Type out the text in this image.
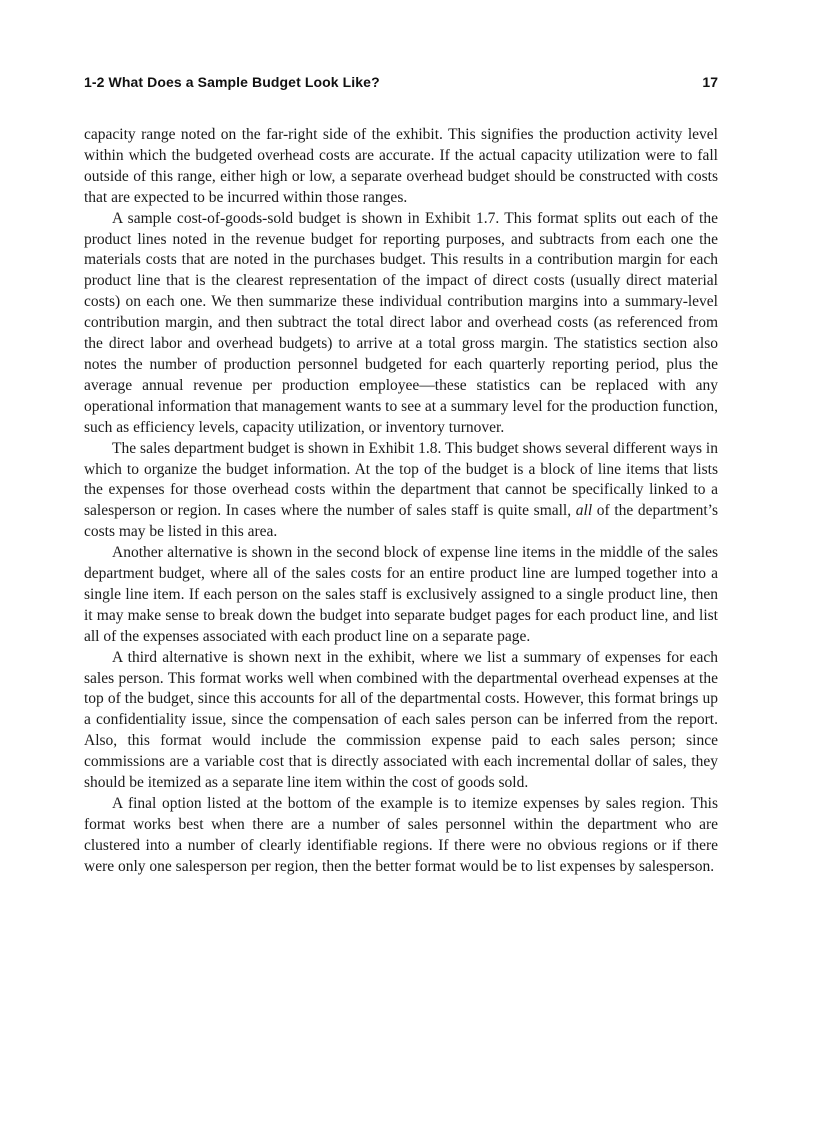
1-2 What Does a Sample Budget Look Like?	17

capacity range noted on the far-right side of the exhibit. This signifies the production activity level within which the budgeted overhead costs are accurate. If the actual capacity utilization were to fall outside of this range, either high or low, a separate overhead budget should be constructed with costs that are expected to be incurred within those ranges.

A sample cost-of-goods-sold budget is shown in Exhibit 1.7. This format splits out each of the product lines noted in the revenue budget for reporting purposes, and subtracts from each one the materials costs that are noted in the purchases budget. This results in a contribution margin for each product line that is the clearest representation of the impact of direct costs (usually direct material costs) on each one. We then summarize these individual contribution margins into a summary-level contribution margin, and then subtract the total direct labor and overhead costs (as referenced from the direct labor and overhead budgets) to arrive at a total gross margin. The statistics section also notes the number of production personnel budgeted for each quarterly reporting period, plus the average annual revenue per production employee—these statistics can be replaced with any operational information that management wants to see at a summary level for the production function, such as efficiency levels, capacity utilization, or inventory turnover.

The sales department budget is shown in Exhibit 1.8. This budget shows several different ways in which to organize the budget information. At the top of the budget is a block of line items that lists the expenses for those overhead costs within the department that cannot be specifically linked to a salesperson or region. In cases where the number of sales staff is quite small, all of the department’s costs may be listed in this area.

Another alternative is shown in the second block of expense line items in the middle of the sales department budget, where all of the sales costs for an entire product line are lumped together into a single line item. If each person on the sales staff is exclusively assigned to a single product line, then it may make sense to break down the budget into separate budget pages for each product line, and list all of the expenses associated with each product line on a separate page.

A third alternative is shown next in the exhibit, where we list a summary of expenses for each sales person. This format works well when combined with the departmental overhead expenses at the top of the budget, since this accounts for all of the departmental costs. However, this format brings up a confidentiality issue, since the compensation of each sales person can be inferred from the report. Also, this format would include the commission expense paid to each sales person; since commissions are a variable cost that is directly associated with each incremental dollar of sales, they should be itemized as a separate line item within the cost of goods sold.

A final option listed at the bottom of the example is to itemize expenses by sales region. This format works best when there are a number of sales personnel within the department who are clustered into a number of clearly identifiable regions. If there were no obvious regions or if there were only one salesperson per region, then the better format would be to list expenses by salesperson.
